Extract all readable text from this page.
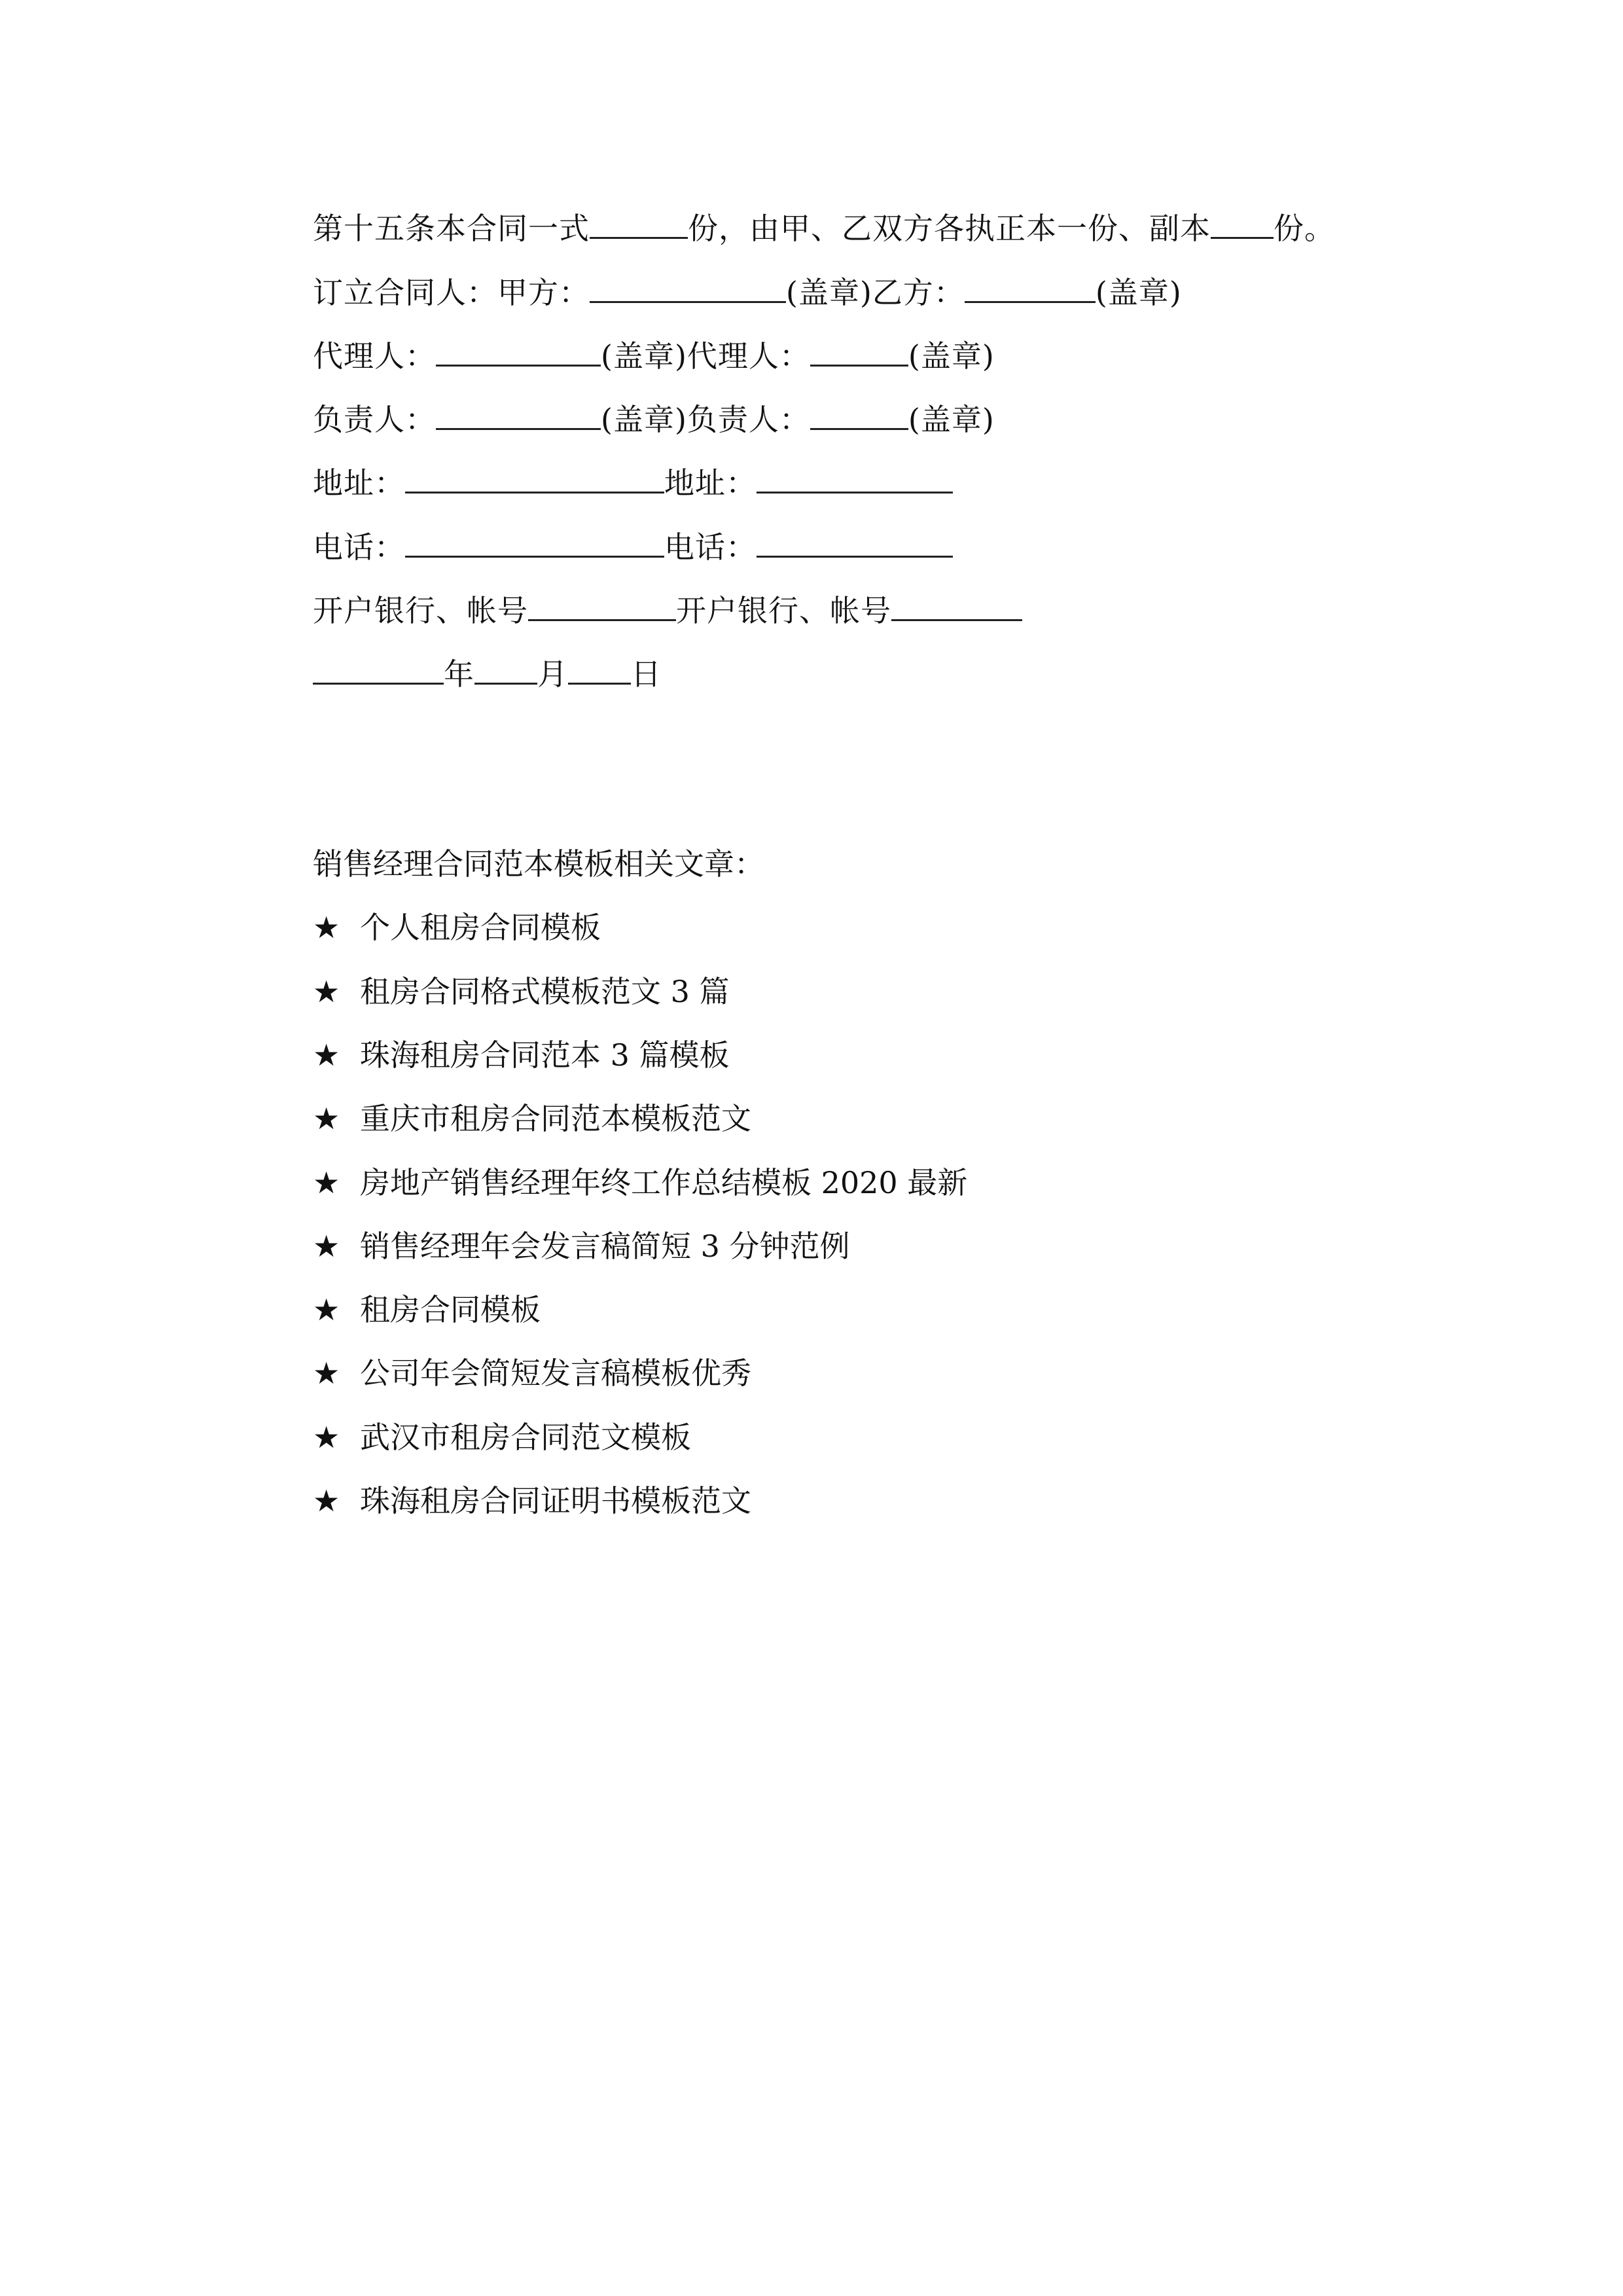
第十五条本合同一式	份，由甲、乙双方各执正本一份、副本 份。
订立合同人：甲方：	(盖章)乙方：	(盖章)
代理人：	(盖章)代理人：	(盖章)
负责人：	(盖章)负责人：	(盖章)
地址：	地址：
电话：	电话：
开户银行、帐号	开户银行、帐号
年 月 日
销售经理合同范本模板相关文章：
★ 个人租房合同模板
★ 租房合同格式模板范文 3 篇
★ 珠海租房合同范本 3 篇模板
★ 重庆市租房合同范本模板范文
★ 房地产销售经理年终工作总结模板 2020 最新
★ 销售经理年会发言稿简短 3 分钟范例
★ 租房合同模板
★ 公司年会简短发言稿模板优秀
★ 武汉市租房合同范文模板
★ 珠海租房合同证明书模板范文
